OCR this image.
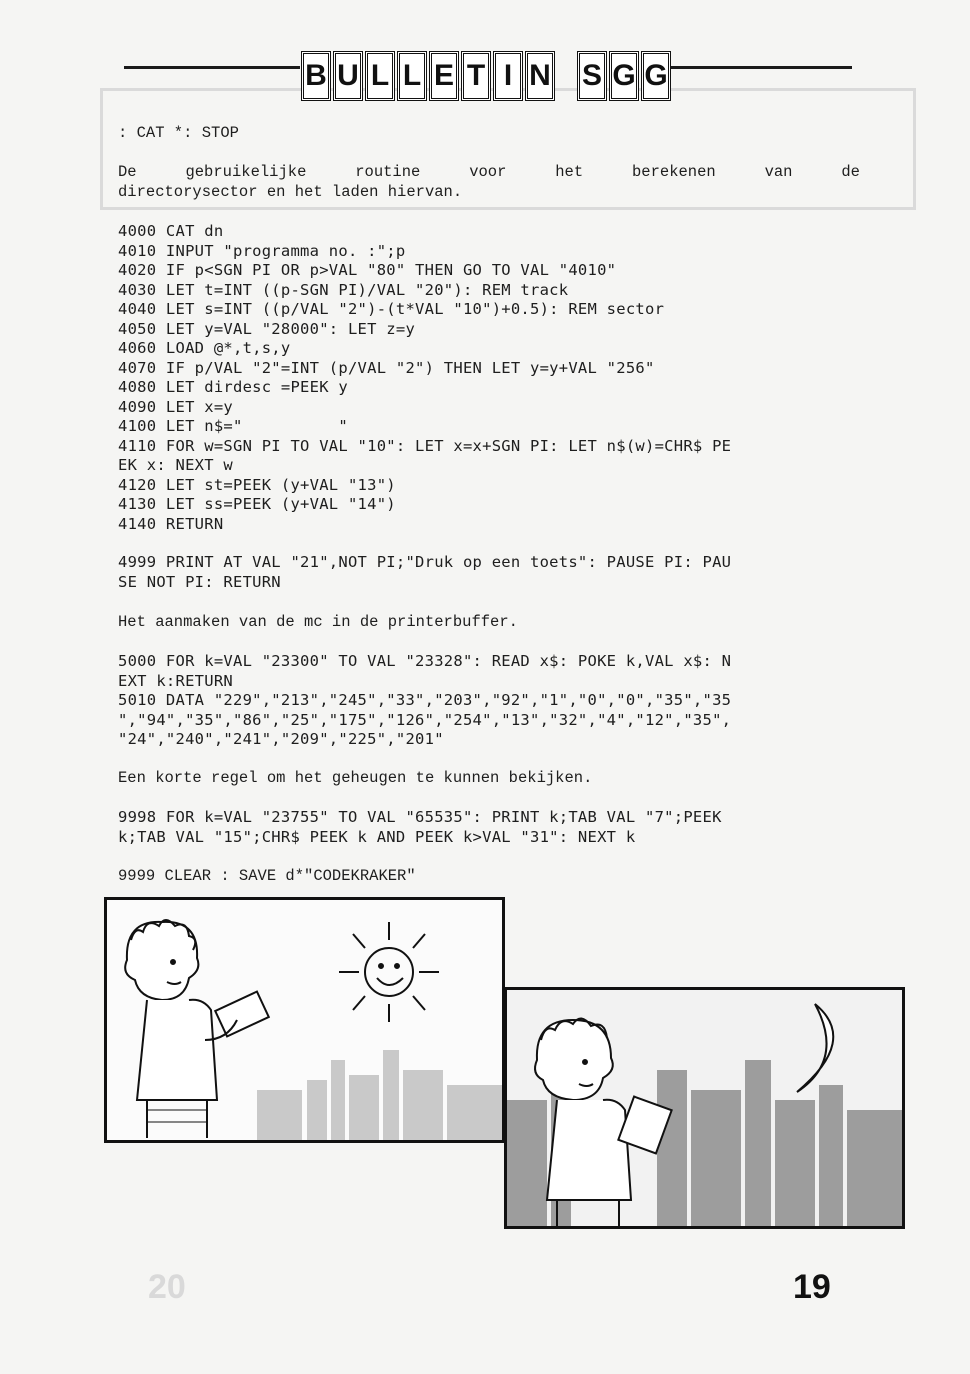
20
B U L L E T I N S G G
: CAT *: STOP
De	gebruikelijke	routine	voor	het	berekenen	van	de
directorysector en het laden hiervan.
4000 CAT dn
4010 INPUT "programma no. :";p
4020 IF p<SGN PI OR p>VAL "80" THEN GO TO VAL "4010"
4030 LET t=INT ((p-SGN PI)/VAL "20"): REM track
4040 LET s=INT ((p/VAL "2")-(t*VAL "10")+0.5): REM sector
4050 LET y=VAL "28000": LET z=y
4060 LOAD @*,t,s,y
4070 IF p/VAL "2"=INT (p/VAL "2") THEN LET y=y+VAL "256"
4080 LET dirdesc =PEEK y
4090 LET x=y
4100 LET n$="          "
4110 FOR w=SGN PI TO VAL "10": LET x=x+SGN PI: LET n$(w)=CHR$ PE
EK x: NEXT w
4120 LET st=PEEK (y+VAL "13")
4130 LET ss=PEEK (y+VAL "14")
4140 RETURN
4999 PRINT AT VAL "21",NOT PI;"Druk op een toets": PAUSE PI: PAU
SE NOT PI: RETURN
Het aanmaken van de mc in de printerbuffer.
5000 FOR k=VAL "23300" TO VAL "23328": READ x$: POKE k,VAL x$: N
EXT k:RETURN
5010 DATA "229","213","245","33","203","92","1","0","0","35","35
","94","35","86","25","175","126","254","13","32","4","12","35",
"24","240","241","209","225","201"
Een korte regel om het geheugen te kunnen bekijken.
9998 FOR k=VAL "23755" TO VAL "65535": PRINT k;TAB VAL "7";PEEK
k;TAB VAL "15";CHR$ PEEK k AND PEEK k>VAL "31": NEXT k
9999 CLEAR : SAVE d*"CODEKRAKER"
19
